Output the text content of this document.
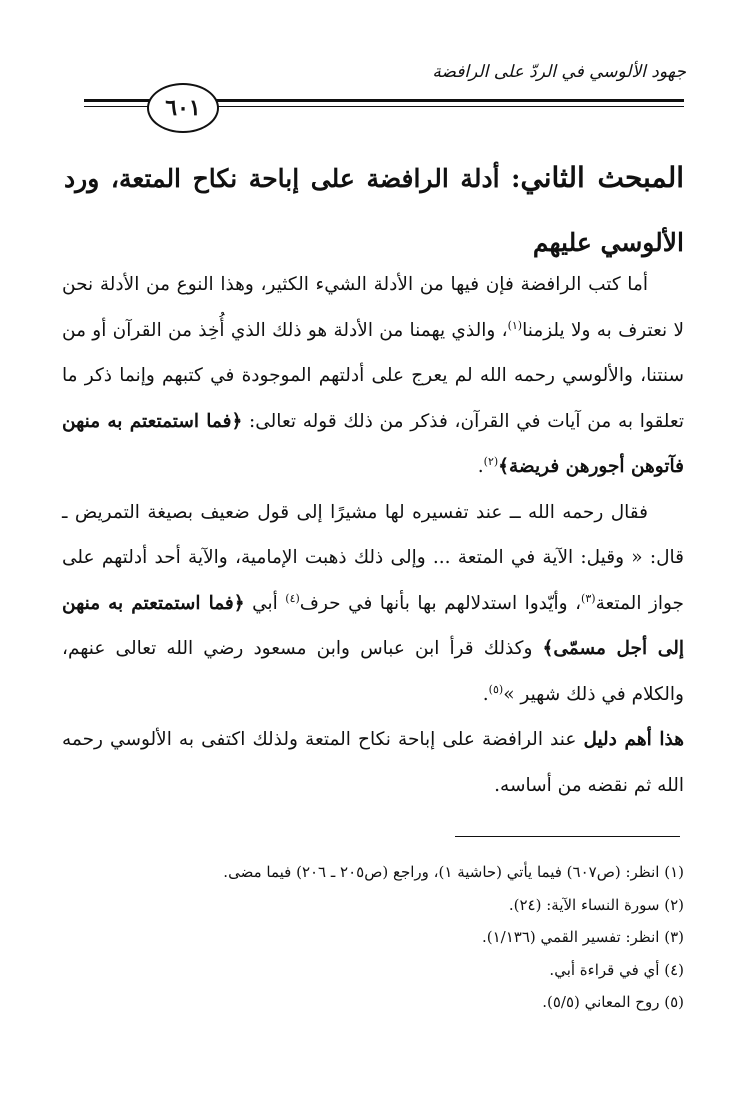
جهود الألوسي في الردّ على الرافضة
٦٠١
المبحث الثاني: أدلة الرافضة على إباحة نكاح المتعة، ورد الألوسي عليهم

أما كتب الرافضة فإن فيها من الأدلة الشيء الكثير، وهذا النوع من الأدلة نحن لا نعترف به ولا يلزمنا$^{(١)}$، والذي يهمنا من الأدلة هو ذلك الذي أُخِذ من القرآن أو من سنتنا، والألوسي رحمه الله لم يعرج على أدلتهم الموجودة في كتبهم وإنما ذكر ما تعلقوا به من آيات في القرآن، فذكر من ذلك قوله تعالى: ﴿فما استمتعتم به منهن فآتوهن أجورهن فريضة﴾$^{(٢)}$.

فقال رحمه الله ــ عند تفسيره لها مشيرًا إلى قول ضعيف بصيغة التمريض ـ قال: « وقيل: الآية في المتعة ... وإلى ذلك ذهبت الإمامية، والآية أحد أدلتهم على جواز المتعة$^{(٣)}$، وأيّدوا استدلالهم بها بأنها في حرف$^{(٤)}$ أبي ﴿فما استمتعتم به منهن إلى أجل مسمّى﴾ وكذلك قرأ ابن عباس وابن مسعود رضي الله تعالى عنهم، والكلام في ذلك شهير »$^{(٥)}$.

هذا أهم دليل عند الرافضة على إباحة نكاح المتعة ولذلك اكتفى به الألوسي رحمه الله ثم نقضه من أساسه.

(١) انظر: (ص٦٠٧) فيما يأتي (حاشية ١)، وراجع (ص٢٠٥ ـ ٢٠٦) فيما مضى.
(٢) سورة النساء الآية: (٢٤).
(٣) انظر: تفسير القمي (١/١٣٦).
(٤) أي في قراءة أبي.
(٥) روح المعاني (٥/٥).
